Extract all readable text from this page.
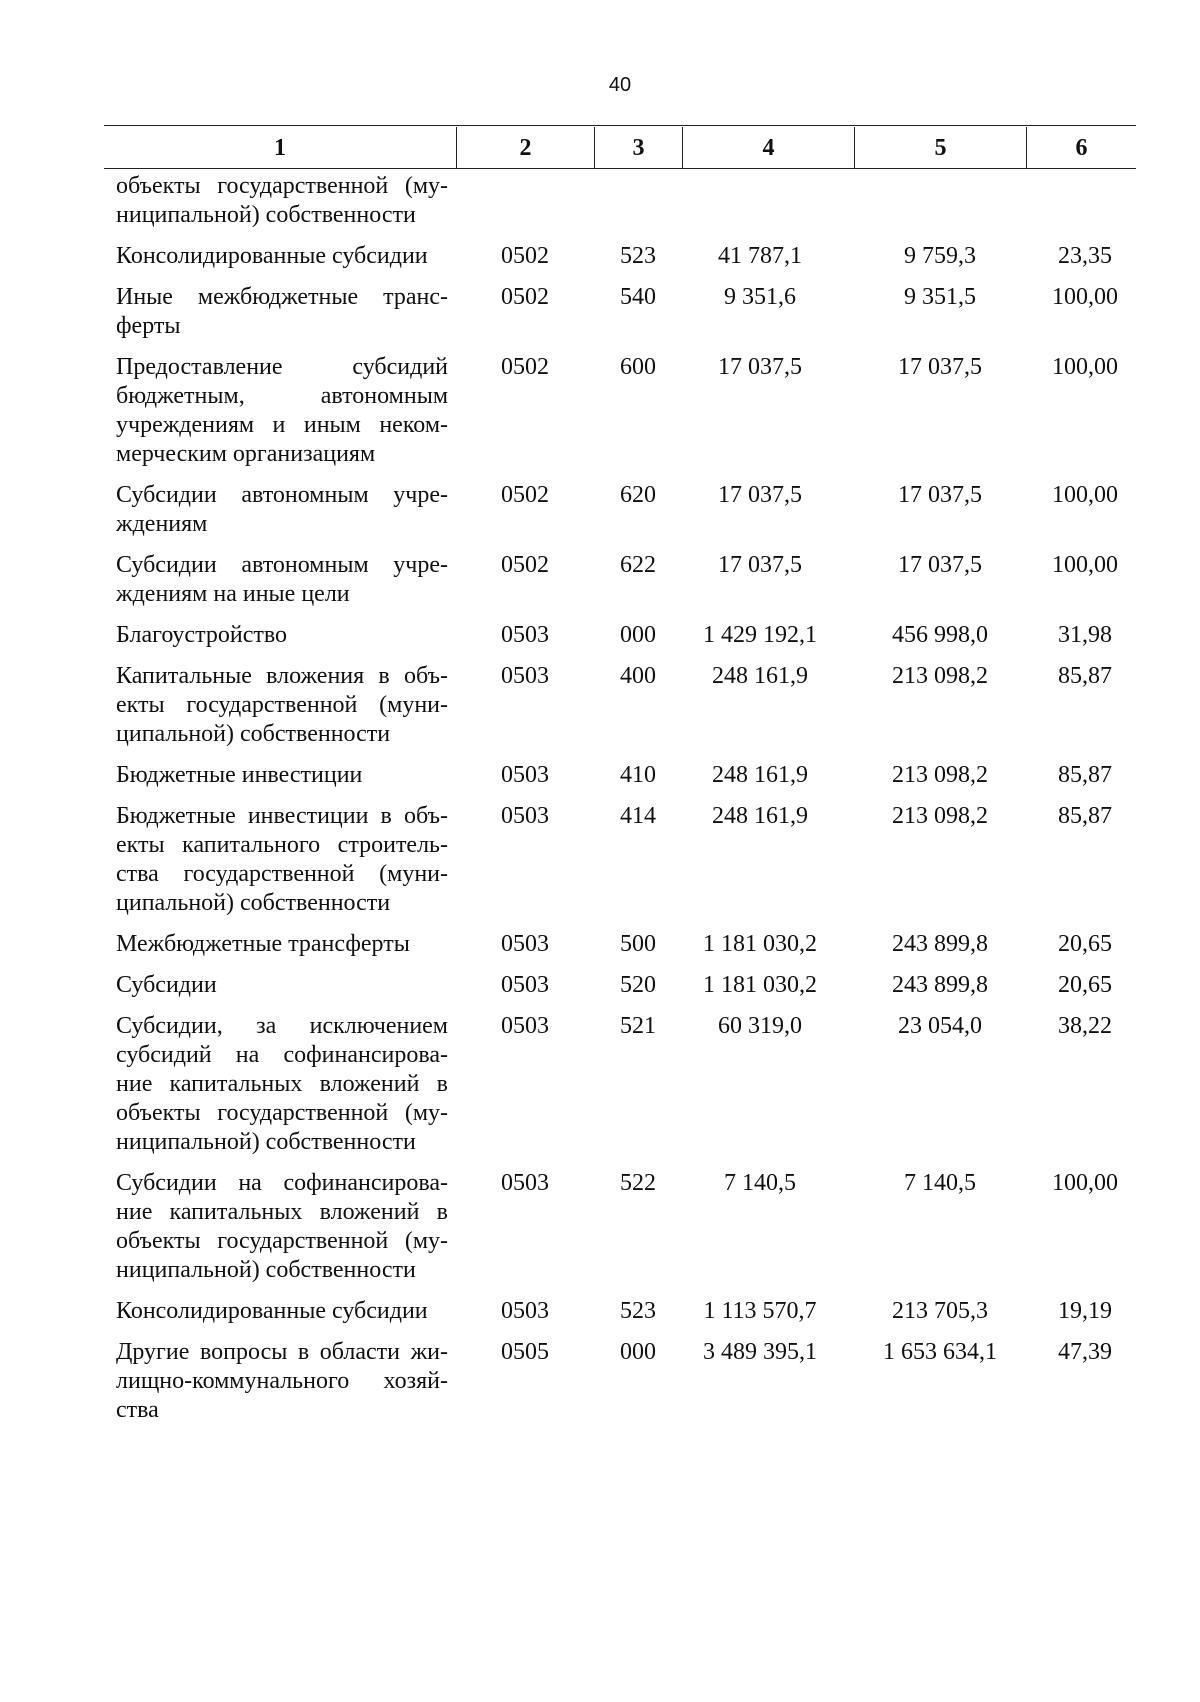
40
1	2	3	4	5	6
объекты государственной (му-
ниципальной) собственности
Консолидированные субсидии	0502	523	41 787,1	9 759,3	23,35
Иные межбюджетные транс-
ферты
0502	540	9 351,6	9 351,5	100,00
Предоставление субсидий
бюджетным, автономным
учреждениям и иным неком-
мерческим организациям
0502	600	17 037,5	17 037,5	100,00
Субсидии автономным учре-
ждениям
0502	620	17 037,5	17 037,5	100,00
Субсидии автономным учре-
ждениям на иные цели
0502	622	17 037,5	17 037,5	100,00
Благоустройство	0503	000	1 429 192,1	456 998,0	31,98
Капитальные вложения в объ-
екты государственной (муни-
ципальной) собственности
0503	400	248 161,9	213 098,2	85,87
Бюджетные инвестиции	0503	410	248 161,9	213 098,2	85,87
Бюджетные инвестиции в объ-
екты капитального строитель-
ства государственной (муни-
ципальной) собственности
0503	414	248 161,9	213 098,2	85,87
Межбюджетные трансферты	0503	500	1 181 030,2	243 899,8	20,65
Субсидии	0503	520	1 181 030,2	243 899,8	20,65
Субсидии, за исключением
субсидий на софинансирова-
ние капитальных вложений в
объекты государственной (му-
ниципальной) собственности
0503	521	60 319,0	23 054,0	38,22
Субсидии на софинансирова-
ние капитальных вложений в
объекты государственной (му-
ниципальной) собственности
0503	522	7 140,5	7 140,5	100,00
Консолидированные субсидии	0503	523	1 113 570,7	213 705,3	19,19
Другие вопросы в области жи-
лищно-коммунального хозяй-
ства
0505	000	3 489 395,1	1 653 634,1	47,39
